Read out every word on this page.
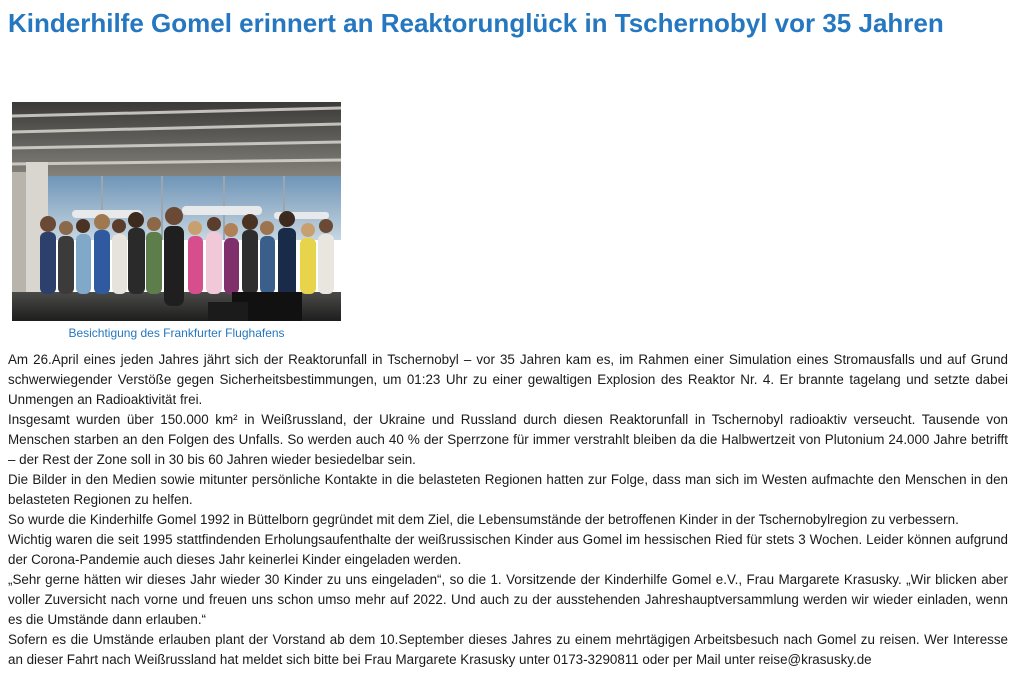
Kinderhilfe Gomel erinnert an Reaktorunglück in Tschernobyl vor 35 Jahren
Besichtigung des Frankfurter Flughafens

Am 26.April eines jeden Jahres jährt sich der Reaktorunfall in Tschernobyl – vor 35 Jahren kam es, im Rahmen einer Simulation eines Stromausfalls und auf Grund schwerwiegender Verstöße gegen Sicherheitsbestimmungen, um 01:23 Uhr zu einer gewaltigen Explosion des Reaktor Nr. 4. Er brannte tagelang und setzte dabei Unmengen an Radioaktivität frei.

Insgesamt wurden über 150.000 km² in Weißrussland, der Ukraine und Russland durch diesen Reaktorunfall in Tschernobyl radioaktiv verseucht. Tausende von Menschen starben an den Folgen des Unfalls. So werden auch 40 % der Sperrzone für immer verstrahlt bleiben da die Halbwertzeit von Plutonium 24.000 Jahre betrifft – der Rest der Zone soll in 30 bis 60 Jahren wieder besiedelbar sein.

Die Bilder in den Medien sowie mitunter persönliche Kontakte in die belasteten Regionen hatten zur Folge, dass man sich im Westen aufmachte den Menschen in den belasteten Regionen zu helfen.

So wurde die Kinderhilfe Gomel 1992 in Büttelborn gegründet mit dem Ziel, die Lebensumstände der betroffenen Kinder in der Tschernobylregion zu verbessern.

Wichtig waren die seit 1995 stattfindenden Erholungsaufenthalte der weißrussischen Kinder aus Gomel im hessischen Ried für stets 3 Wochen. Leider können aufgrund der Corona-Pandemie auch dieses Jahr keinerlei Kinder eingeladen werden.

„Sehr gerne hätten wir dieses Jahr wieder 30 Kinder zu uns eingeladen“, so die 1. Vorsitzende der Kinderhilfe Gomel e.V., Frau Margarete Krasusky. „Wir blicken aber voller Zuversicht nach vorne und freuen uns schon umso mehr auf 2022. Und auch zu der ausstehenden Jahreshauptversammlung werden wir wieder einladen, wenn es die Umstände dann erlauben.“

Sofern es die Umstände erlauben plant der Vorstand ab dem 10.September dieses Jahres zu einem mehrtägigen Arbeitsbesuch nach Gomel zu reisen. Wer Interesse an dieser Fahrt nach Weißrussland hat meldet sich bitte bei Frau Margarete Krasusky unter 0173-3290811 oder per Mail unter reise@krasusky.de
